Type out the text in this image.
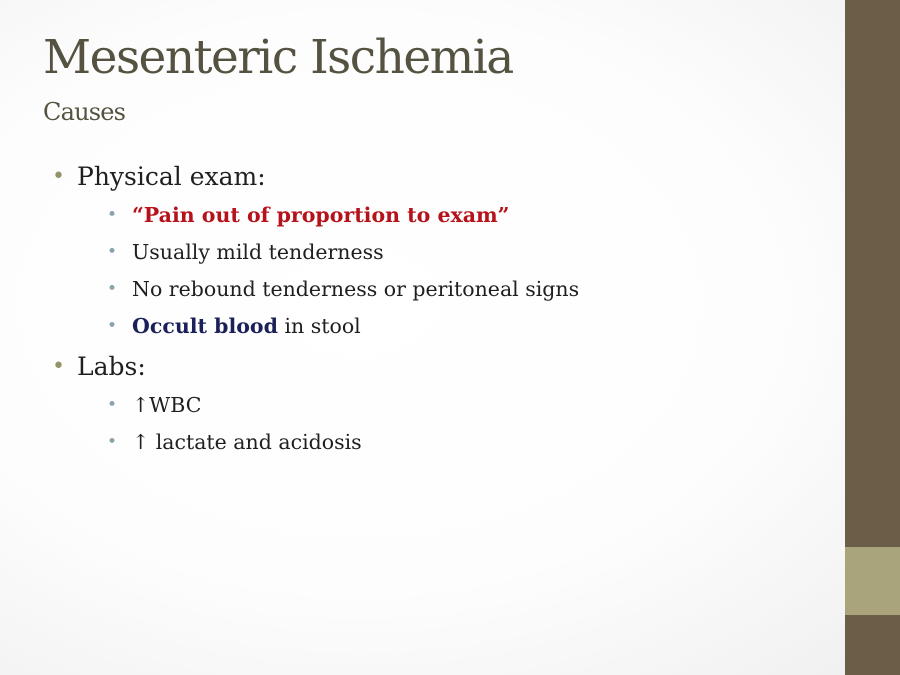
Mesenteric Ischemia
Causes
• Physical exam:
• “Pain out of proportion to exam”
• Usually mild tenderness
• No rebound tenderness or peritoneal signs
• Occult blood in stool
• Labs:
• ↑WBC
• ↑ lactate and acidosis
